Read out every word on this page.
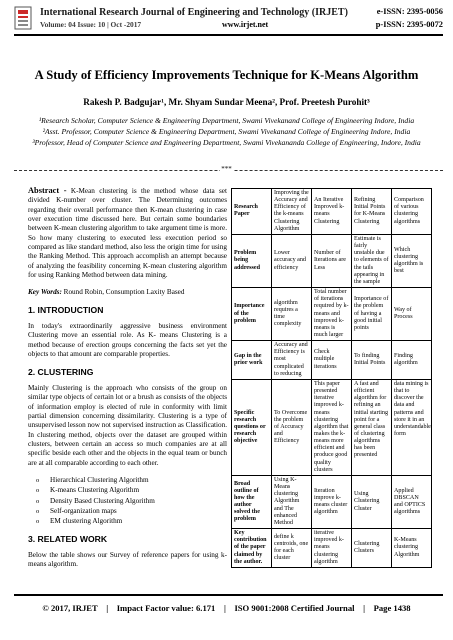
International Research Journal of Engineering and Technology (IRJET)	e-ISSN: 2395-0056
Volume: 04 Issue: 10 | Oct -2017	www.irjet.net	p-ISSN: 2395-0072
A Study of Efficiency Improvements Technique for K-Means Algorithm
Rakesh P. Badgujar¹, Mr. Shyam Sundar Meena², Prof. Preetesh Purohit³

¹Research Scholar, Computer Science & Engineering Department, Swami Vivekanand College of Engineering Indore, India

²Asst. Professor, Computer Science & Engineering Department, Swami Vivekanand College of Engineering Indore, India

³Professor, Head of Computer Science and Engineering Department, Swami Vivekananda College of Engineering, Indore, India

***

Abstract - K-Mean clustering is the method whose data set divided K-number over cluster. The Determining outcomes regarding their overall performance then K-mean clustering in case over execution time discussed here. But certain some boundaries between K-mean clustering algorithm to take argument time is more. So how many clustering to executed less execution period so compared as like standard method, also less the origin time for using the Ranking Method. This approach accomplish an attempt because of analyzing the feasibility concerning K-mean clustering algorithm for using Ranking Method between data mining.

Key Words: Round Robin, Consumption Laxity Based

1. INTRODUCTION

In today's extraordinarily aggressive business environment Clustering move an essential role. As K- means Clustering is a method because of erection groups concerning the facts set yet the objects to that amount are comparable properties.

2. CLUSTERING

Mainly Clustering is the approach who consists of the group on similar type objects of certain lot or a brush as consists of the objects of information employ is elected of rule in conformity with limit partial dimension concerning dissimilarity. Clustering is a type of unsupervised lesson now not supervised instruction as Classification. In clustering method, objects over the dataset are grouped within clusters, between certain an access so much companies are at all specific beside each other and the objects in the equal team or bunch are at all comparable according to each other.

o Hierarchical Clustering Algorithm
o K-means Clustering Algorithm
o Density Based Clustering Algorithm
o Self-organization maps
o EM clustering Algorithm
3. RELATED WORK

Below the table shows our Survey of reference papers for using k-means algorithm.

Research Paper	Improving the Accuracy and Efficiency of the k-means Clustering Algorithm	An Iterative Improved k-means Clustering	Refining Initial Points for K-Means Clustering	Comparison of various clustering algorithms
Problem being addressed	Lower accuracy and efficiency	Number of Iterations are Less	Estimate is fairly unstable due to elements of the tails appearing in the sample	Which clustering algorithm is best
Importance of the problem	algorithm requires a time complexity	Total number of iterations required by k-means and improved k-means is much larger	Importance of the problem of having a good initial points	Way of Process
Gap in the prior work	Accuracy and Efficiency is most complicated to reducing	Check multiple iterations	To finding Initial Points	Finding algorithm
Specific research questions or research objective	To Overcome the problem of Accuracy and Efficiency	This paper presented iterative improved k-means clustering algorithm that makes the k-means more efficient and produce good quality clusters	A fast and efficient algorithm for refining an initial starting point for a general class of clustering algorithms has been presented	data mining is that to discover the data and patterns and store it in an understandable form
Broad outline of how the author solved the problem	Using K-Means clustering Algorithm and The enhanced Method	Iteration improve k-means cluster algorithm	Using Clustering Cluster	Applied DBSCAN and OPTICS algorithms
Key contribution of the paper claimed by the author.	define k centroids, one for each cluster	iterative improved k-means clustering algorithm	Clustering Clusters	K-Means clustering Algorithm
© 2017, IRJET | Impact Factor value: 6.171 | ISO 9001:2008 Certified Journal | Page 1438
